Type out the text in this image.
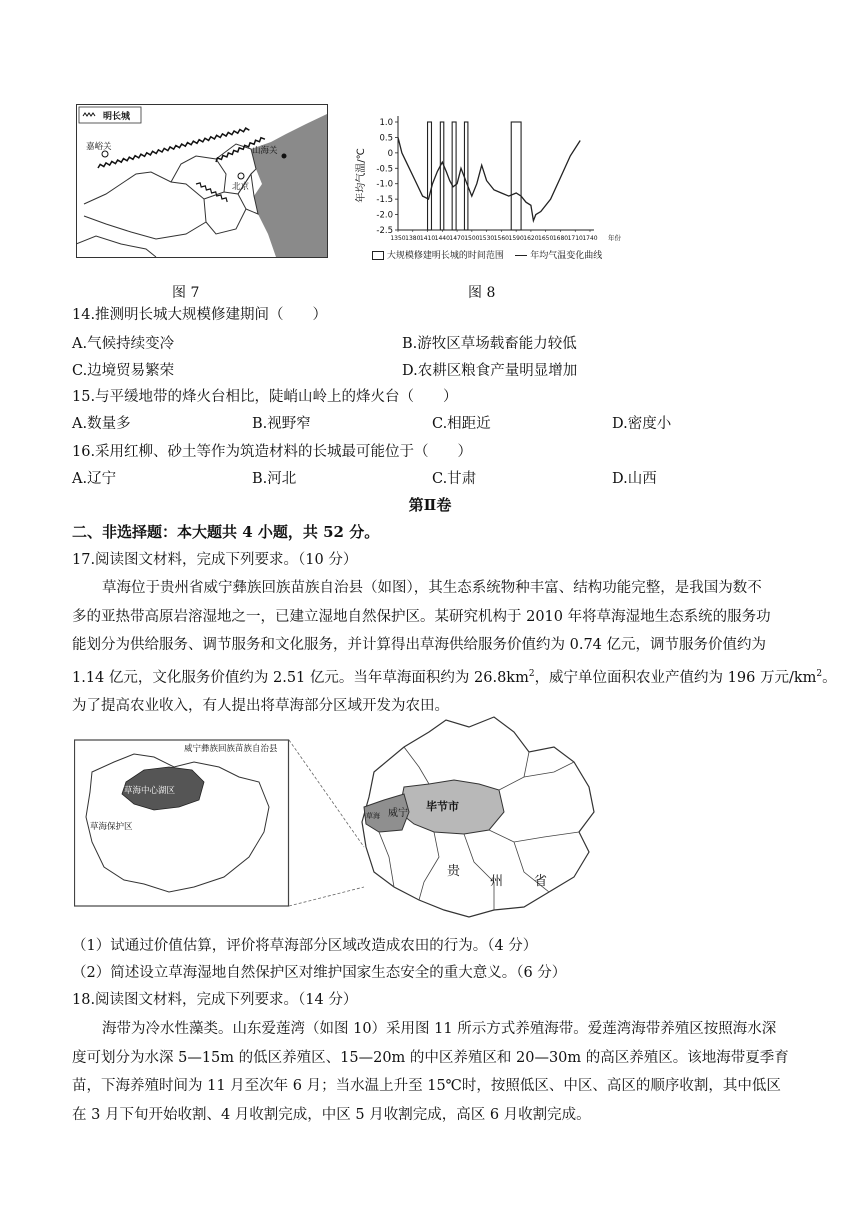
明长城
嘉峪关	山海关
北京
图 7
1.0
0.5
0
-0.5
-1.0
-1.5
-2.0
-2.5
1350 1380 1410 1440 1470 1500 1530 1560 1590 1620 1650 1680 1710 1740 年份
年均气温/℃
大规模修建明长城的时间范围	年均气温变化曲线
图 8
14.推测明长城大规模修建期间（　　）
A.气候持续变冷	B.游牧区草场载畜能力较低
C.边境贸易繁荣	D.农耕区粮食产量明显增加
15.与平缓地带的烽火台相比，陡峭山岭上的烽火台（　　）
A.数量多	B.视野窄	C.相距近	D.密度小
16.采用红柳、砂土等作为筑造材料的长城最可能位于（　　）
A.辽宁	B.河北	C.甘肃	D.山西
第Ⅱ卷
二、非选择题：本大题共 4 小题，共 52 分。
17.阅读图文材料，完成下列要求。（10 分）
草海位于贵州省威宁彝族回族苗族自治县（如图），其生态系统物种丰富、结构功能完整，是我国为数不
多的亚热带高原岩溶湿地之一，已建立湿地自然保护区。某研究机构于 2010 年将草海湿地生态系统的服务功
能划分为供给服务、调节服务和文化服务，并计算得出草海供给服务价值约为 0.74 亿元，调节服务价值约为
1.14 亿元，文化服务价值约为 2.51 亿元。当年草海面积约为 $26.8km^2$，威宁单位面积农业产值约为 196 万元$/km^2$。
为了提高农业收入，有人提出将草海部分区域开发为农田。
威宁彝族回族苗族自治县
草海中心湖区
草海保护区
草海 威宁
毕节市
贵
州 省
（1）试通过价值估算，评价将草海部分区域改造成农田的行为。（4 分）
（2）简述设立草海湿地自然保护区对维护国家生态安全的重大意义。（6 分）
18.阅读图文材料，完成下列要求。（14 分）
海带为冷水性藻类。山东爱莲湾（如图 10）采用图 11 所示方式养殖海带。爱莲湾海带养殖区按照海水深
度可划分为水深 5—15m 的低区养殖区、15—20m 的中区养殖区和 20—30m 的高区养殖区。该地海带夏季育
苗，下海养殖时间为 11 月至次年 6 月；当水温上升至 15℃时，按照低区、中区、高区的顺序收割，其中低区
在 3 月下旬开始收割、4 月收割完成，中区 5 月收割完成，高区 6 月收割完成。
